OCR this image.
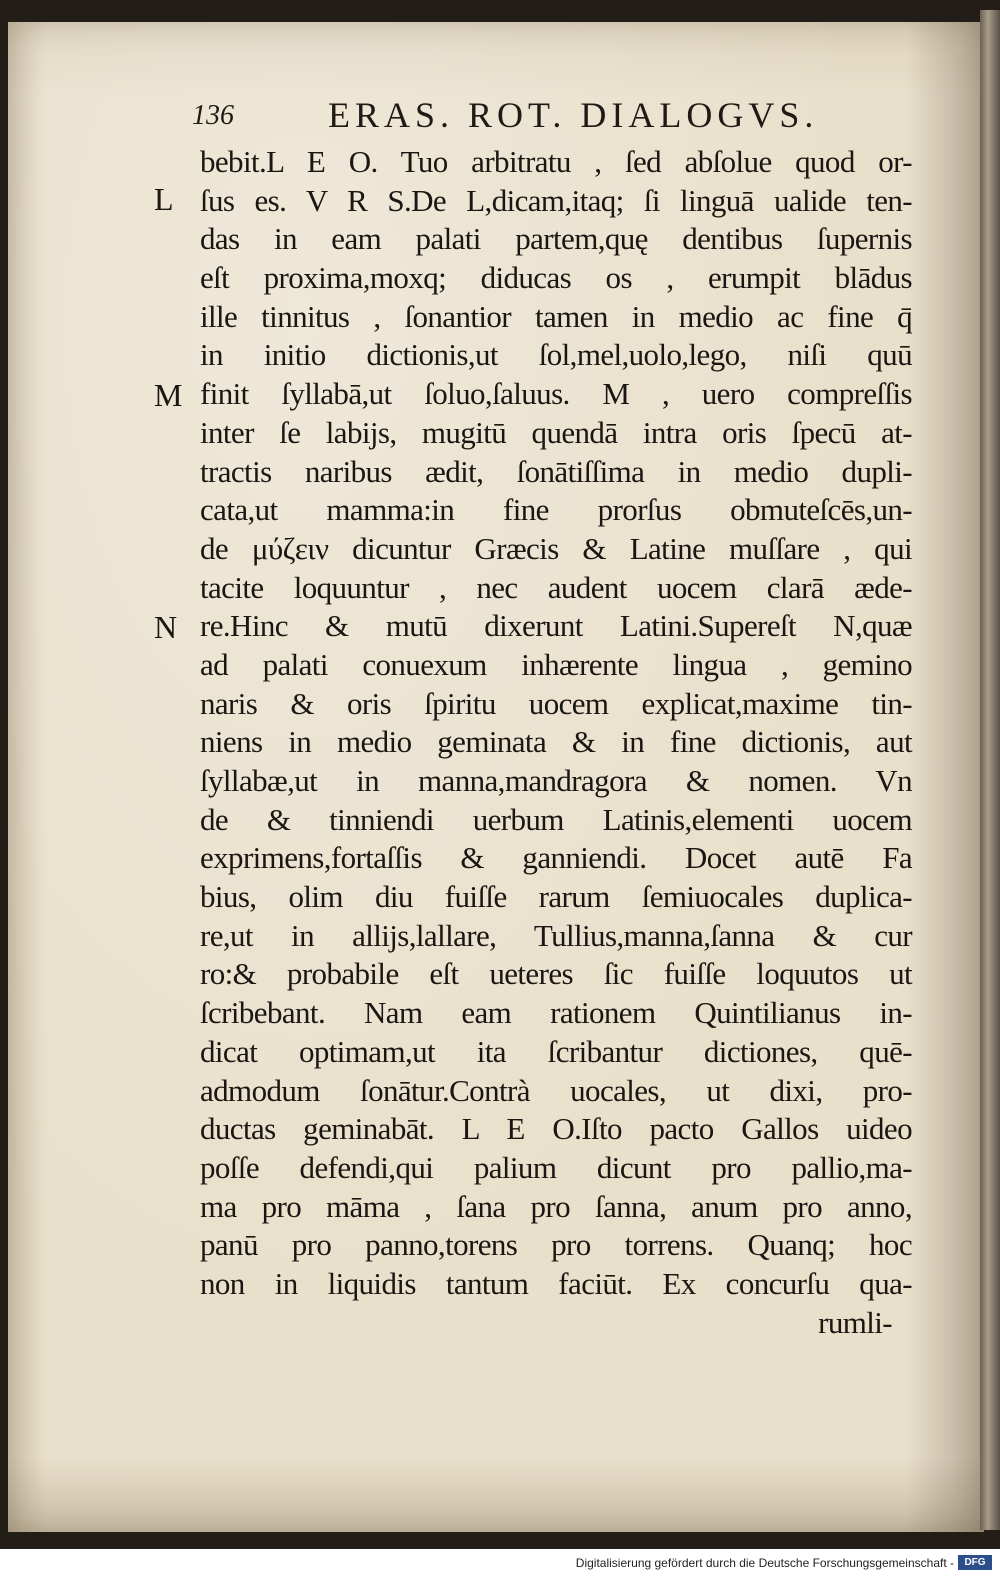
136	ERAS. ROT. DIALOGVS.
L
M
N
bebit.L E O. Tuo arbitratu , ſed abſolue quod or-
ſus es. V R S.De L,dicam,itaq; ſi linguā ualide ten-
das in eam palati partem,quę dentibus ſupernis
eſt proxima,moxq; diducas os , erumpit blādus
ille tinnitus , ſonantior tamen in medio ac fine q̄
in initio dictionis,ut ſol,mel,uolo,lego, niſi quū
finit ſyllabā,ut ſoluo,ſaluus. M , uero compreſſis
inter ſe labijs, mugitū quendā intra oris ſpecū at-
tractis naribus ædit, ſonātiſſima in medio dupli-
cata,ut mamma:in fine prorſus obmuteſcēs,un-
de μύζειν dicuntur Græcis & Latine muſſare , qui
tacite loquuntur , nec audent uocem clarā æde-
re.Hinc & mutū dixerunt Latini.Supereſt N,quæ
ad palati conuexum inhærente lingua , gemino
naris & oris ſpiritu uocem explicat,maxime tin-
niens in medio geminata & in fine dictionis, aut
ſyllabæ,ut in manna,mandragora & nomen. Vn
de & tinniendi uerbum Latinis,elementi uocem
exprimens,fortaſſis & ganniendi. Docet autē Fa
bius, olim diu fuiſſe rarum ſemiuocales duplica-
re,ut in allijs,lallare, Tullius,manna,ſanna & cur
ro:& probabile eſt ueteres ſic fuiſſe loquutos ut
ſcribebant. Nam eam rationem Quintilianus in-
dicat optimam,ut ita ſcribantur dictiones, quē-
admodum ſonātur.Contrà uocales, ut dixi, pro-
ductas geminabāt. L E O.Iſto pacto Gallos uideo
poſſe defendi,qui palium dicunt pro pallio,ma-
ma pro māma , ſana pro ſanna, anum pro anno,
panū pro panno,torens pro torrens. Quanq; hoc
non in liquidis tantum faciūt. Ex concurſu qua-
rumli-
Digitalisierung gefördert durch die Deutsche Forschungsgemeinschaft -	DFG
